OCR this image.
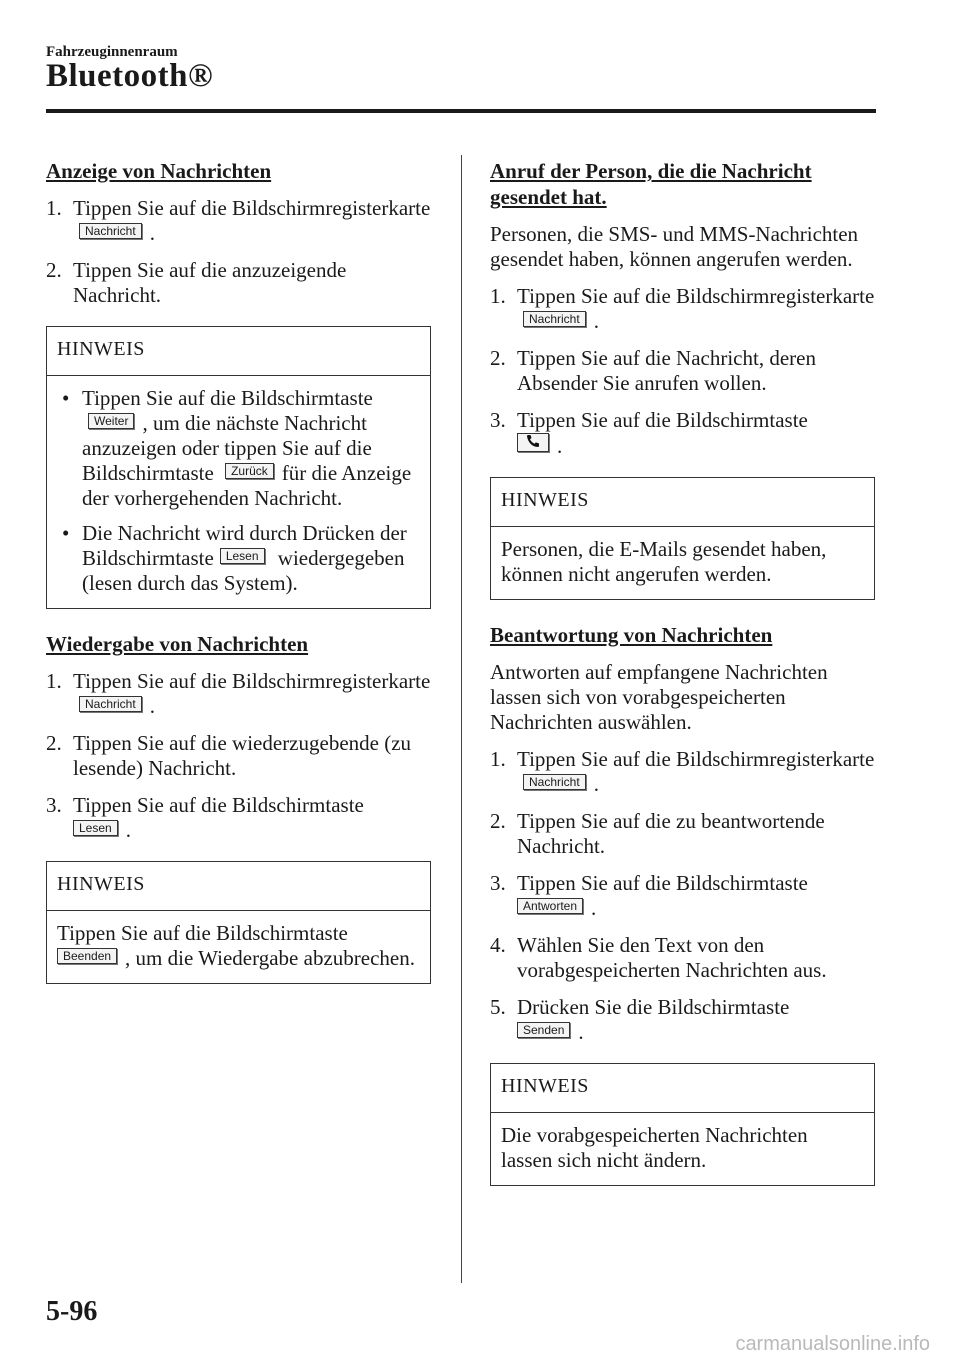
Fahrzeuginnenraum
Bluetooth®
Anzeige von Nachrichten
1. Tippen Sie auf die BildschirmregisterkarteNachricht .
2. Tippen Sie auf die anzuzeigende Nachricht.
HINWEIS
• Tippen Sie auf die Bildschirmtaste Weiter , um die nächste Nachricht anzuzeigen oder tippen Sie auf die Bildschirmtaste Zurück für die Anzeige der vorhergehenden Nachricht.
• Die Nachricht wird durch Drücken der Bildschirmtaste Lesen wiedergegeben (lesen durch das System).
Wiedergabe von Nachrichten
1. Tippen Sie auf die BildschirmregisterkarteNachricht .
2. Tippen Sie auf die wiederzugebende (zu lesende) Nachricht.
3. Tippen Sie auf die Bildschirmtaste
Lesen .
HINWEIS
Tippen Sie auf die Bildschirmtaste
Beenden , um die Wiedergabe abzubrechen.
Anruf der Person, die die Nachricht gesendet hat.
Personen, die SMS- und MMS-Nachrichten gesendet haben, können angerufen werden.
1. Tippen Sie auf die BildschirmregisterkarteNachricht .
2. Tippen Sie auf die Nachricht, deren Absender Sie anrufen wollen.
3. Tippen Sie auf die Bildschirmtaste
.
HINWEIS
Personen, die E-Mails gesendet haben, können nicht angerufen werden.
Beantwortung von Nachrichten
Antworten auf empfangene Nachrichten lassen sich von vorabgespeicherten Nachrichten auswählen.
1. Tippen Sie auf die BildschirmregisterkarteNachricht .
2. Tippen Sie auf die zu beantwortende Nachricht.
3. Tippen Sie auf die Bildschirmtaste
Antworten .
4. Wählen Sie den Text von den vorabgespeicherten Nachrichten aus.
5. Drücken Sie die Bildschirmtaste
Senden .
HINWEIS
Die vorabgespeicherten Nachrichten lassen sich nicht ändern.
5-96
carmanualsonline.info
